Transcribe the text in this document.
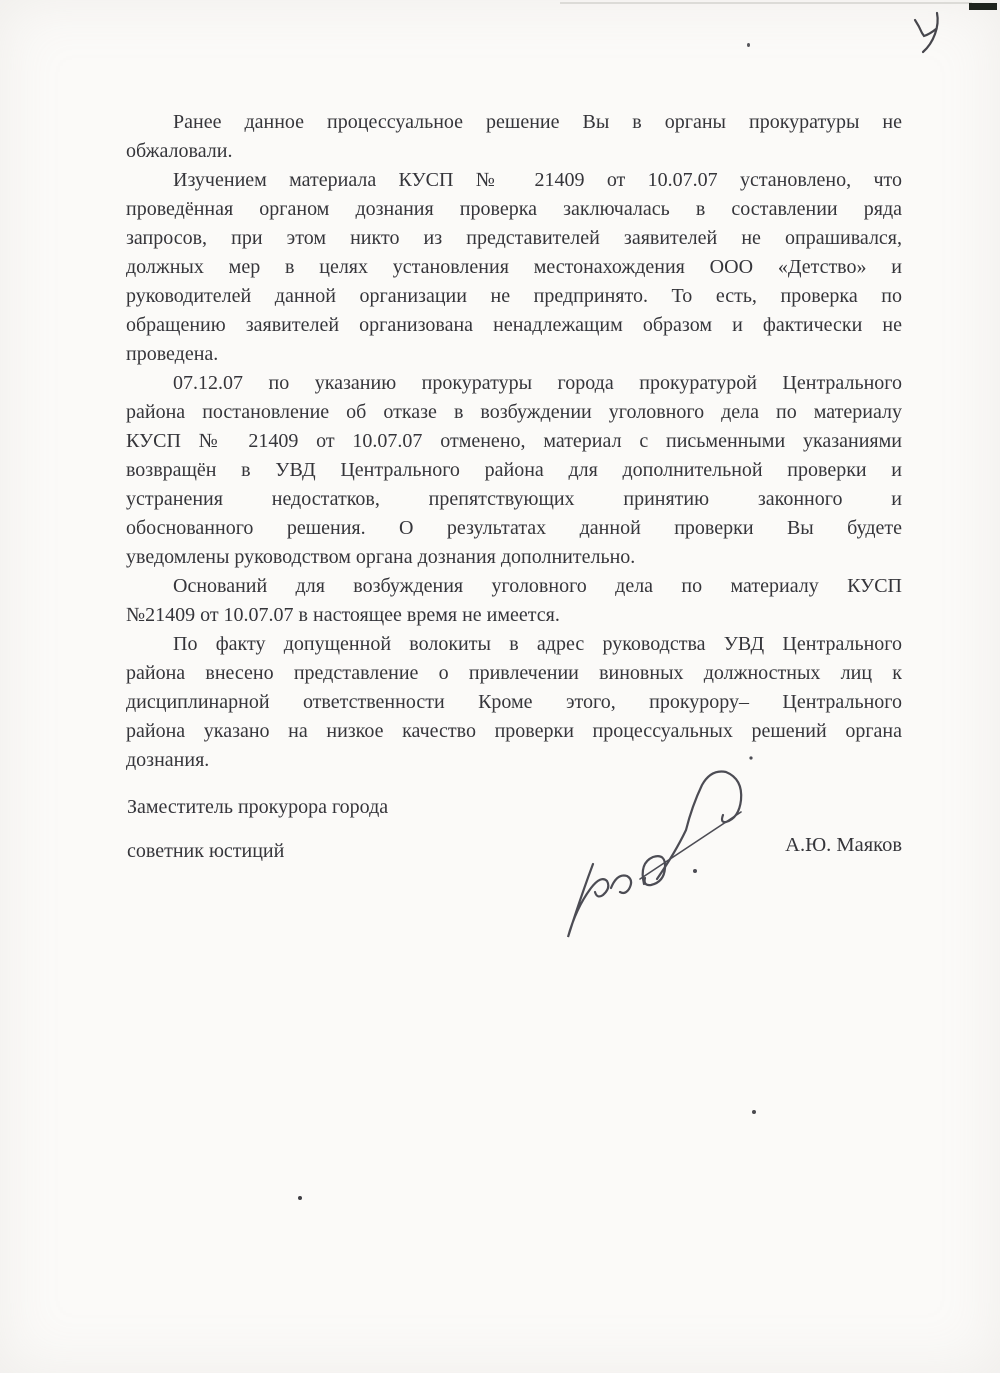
Ранее данное процессуальное решение Вы в органы прокуратуры не
обжаловали.
Изучением материала КУСП № 21409 от 10.07.07 установлено, что
проведённая органом дознания проверка заключалась в составлении ряда
запросов, при этом никто из представителей заявителей не опрашивался,
должных мер в целях установления местонахождения ООО «Детство» и
руководителей данной организации не предпринято. То есть, проверка по
обращению заявителей организована ненадлежащим образом и фактически не
проведена.
07.12.07 по указанию прокуратуры города прокуратурой Центрального
района постановление об отказе в возбуждении уголовного дела по материалу
КУСП № 21409 от 10.07.07 отменено, материал с письменными указаниями
возвращён в УВД Центрального района для дополнительной проверки и
устранения недостатков, препятствующих принятию законного и
обоснованного решения. О результатах данной проверки Вы будете
уведомлены руководством органа дознания дополнительно.
Оснований для возбуждения уголовного дела по материалу КУСП
№21409 от 10.07.07 в настоящее время не имеется.
По факту допущенной волокиты в адрес руководства УВД Центрального
района внесено представление о привлечении виновных должностных лиц к
дисциплинарной ответственности Кроме этого, прокурору– Центрального
района указано на низкое качество проверки процессуальных решений органа
дознания.
Заместитель прокурора города
советник юстиций	А.Ю. Маяков
